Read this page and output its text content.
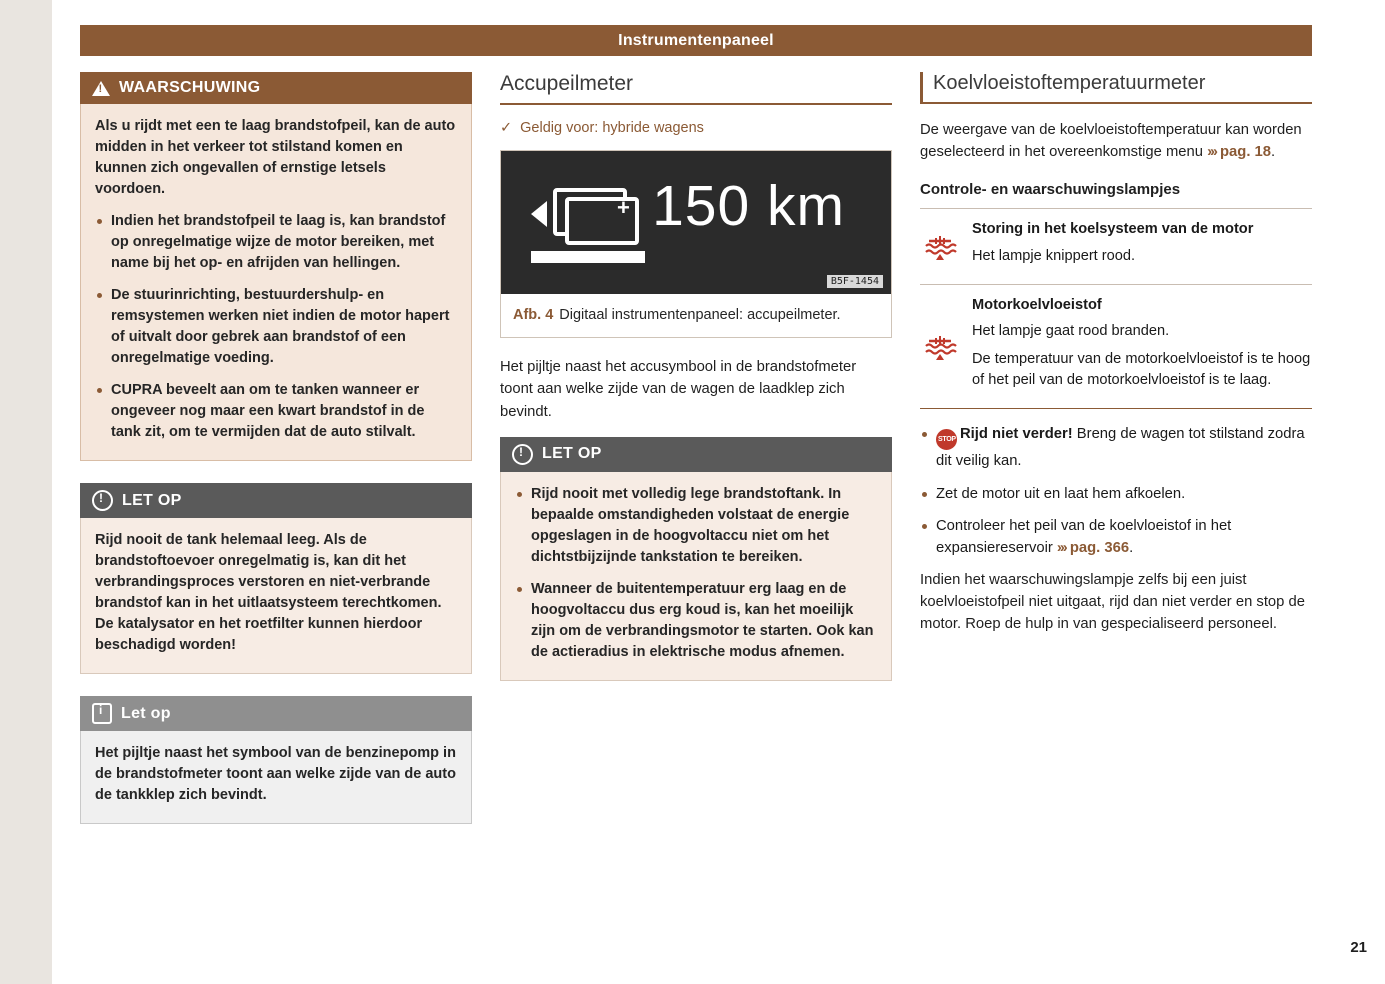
Instrumentenpaneel
!
WAARSCHUWING

Als u rijdt met een te laag brandstofpeil, kan de auto midden in het verkeer tot stilstand komen en kunnen zich ongevallen of ernstige letsels voordoen.

Indien het brandstofpeil te laag is, kan brandstof op onregelmatige wijze de motor bereiken, met name bij het op- en afrijden van hellingen.

De stuurinrichting, bestuurdershulp- en remsystemen werken niet indien de motor hapert of uitvalt door gebrek aan brandstof of een onregelmatige voeding.

CUPRA beveelt aan om te tanken wanneer er ongeveer nog maar een kwart brandstof in de tank zit, om te vermijden dat de auto stilvalt.

!
LET OP

Rijd nooit de tank helemaal leeg. Als de brandstoftoevoer onregelmatig is, kan dit het verbrandingsproces verstoren en niet-verbrande brandstof kan in het uitlaatsysteem terechtkomen. De katalysator en het roetfilter kunnen hierdoor beschadigd worden!

i
Let op

Het pijltje naast het symbool van de benzinepomp in de brandstofmeter toont aan welke zijde van de auto de tankklep zich bevindt.

Accupeilmeter
✓ Geldig voor: hybride wagens
+ 150 km
B5F-1454
Afb. 4 Digitaal instrumentenpaneel: accupeilmeter.

Het pijltje naast het accusymbool in de brandstofmeter toont aan welke zijde van de wagen de laadklep zich bevindt.

!
LET OP

Rijd nooit met volledig lege brandstoftank. In bepaalde omstandigheden volstaat de energie opgeslagen in de hoogvoltaccu niet om het dichtstbijzijnde tankstation te bereiken.

Wanneer de buitentemperatuur erg laag en de hoogvoltaccu dus erg koud is, kan het moeilijk zijn om de verbrandingsmotor te starten. Ook kan de actieradius in elektrische modus afnemen.

Koelvloeistoftemperatuurmeter

De weergave van de koelvloeistoftemperatuur kan worden geselecteerd in het overeenkomstige menu ››› pag. 18.

Controle- en waarschuwingslampjes
Storing in het koelsysteem van de motor

Het lampje knippert rood.

Motorkoelvloeistof

Het lampje gaat rood branden.

De temperatuur van de motorkoelvloeistof is te hoog of het peil van de motorkoelvloeistof is te laag.

STOP Rijd niet verder! Breng de wagen tot stilstand zodra dit veilig kan.
Zet de motor uit en laat hem afkoelen.
Controleer het peil van de koelvloeistof in het expansiereservoir ››› pag. 366.

Indien het waarschuwingslampje zelfs bij een juist koelvloeistofpeil niet uitgaat, rijd dan niet verder en stop de motor. Roep de hulp in van gespecialiseerd personeel.

21
